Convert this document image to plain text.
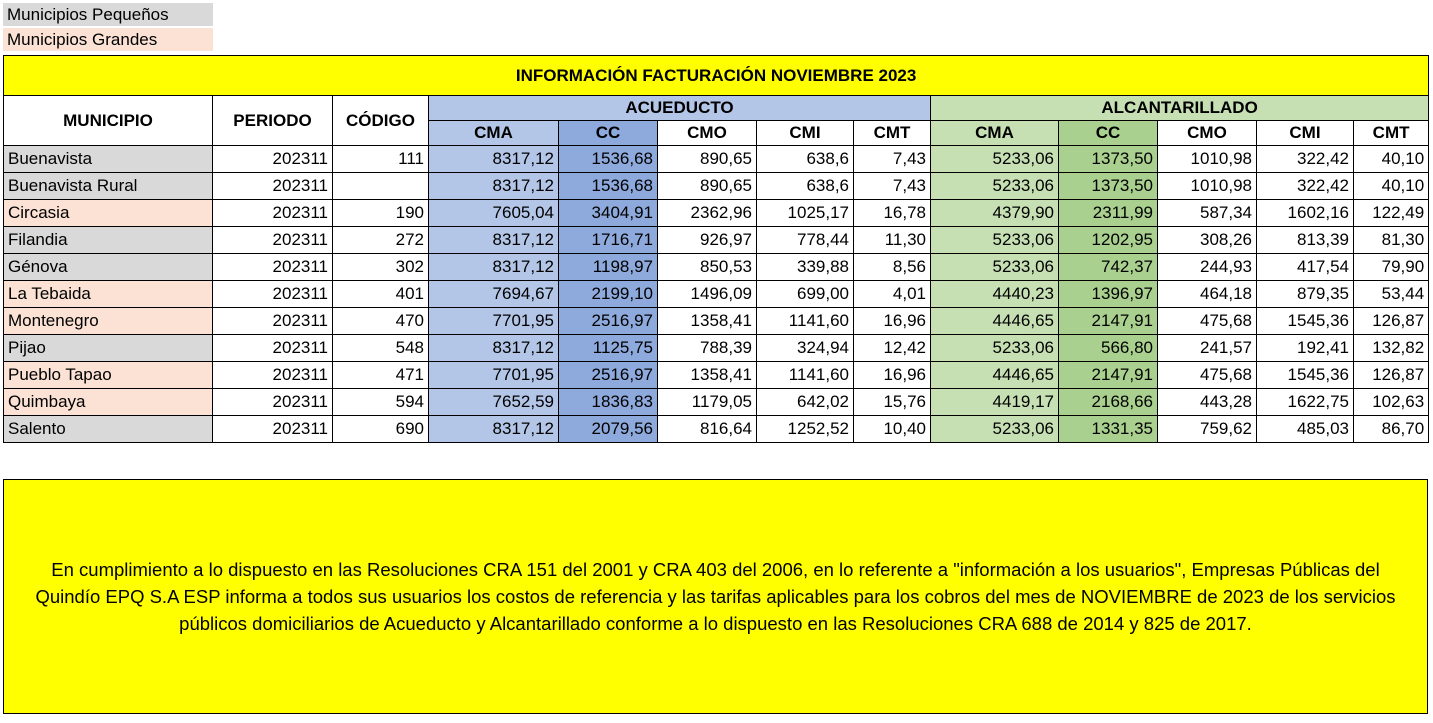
Municipios Pequeños
Municipios Grandes
INFORMACIÓN FACTURACIÓN NOVIEMBRE 2023												
MUNICIPIO	PERIODO	CÓDIGO	ACUEDUCTO					ALCANTARILLADO				
			CMA	CC	CMO	CMI	CMT	CMA	CC	CMO	CMI	CMT
Buenavista	202311	111	8317,12	1536,68	890,65	638,6	7,43	5233,06	1373,50	1010,98	322,42	40,10
Buenavista Rural	202311		8317,12	1536,68	890,65	638,6	7,43	5233,06	1373,50	1010,98	322,42	40,10
Circasia	202311	190	7605,04	3404,91	2362,96	1025,17	16,78	4379,90	2311,99	587,34	1602,16	122,49
Filandia	202311	272	8317,12	1716,71	926,97	778,44	11,30	5233,06	1202,95	308,26	813,39	81,30
Génova	202311	302	8317,12	1198,97	850,53	339,88	8,56	5233,06	742,37	244,93	417,54	79,90
La Tebaida	202311	401	7694,67	2199,10	1496,09	699,00	4,01	4440,23	1396,97	464,18	879,35	53,44
Montenegro	202311	470	7701,95	2516,97	1358,41	1141,60	16,96	4446,65	2147,91	475,68	1545,36	126,87
Pijao	202311	548	8317,12	1125,75	788,39	324,94	12,42	5233,06	566,80	241,57	192,41	132,82
Pueblo Tapao	202311	471	7701,95	2516,97	1358,41	1141,60	16,96	4446,65	2147,91	475,68	1545,36	126,87
Quimbaya	202311	594	7652,59	1836,83	1179,05	642,02	15,76	4419,17	2168,66	443,28	1622,75	102,63
Salento	202311	690	8317,12	2079,56	816,64	1252,52	10,40	5233,06	1331,35	759,62	485,03	86,70

En cumplimiento a lo dispuesto en las Resoluciones CRA 151 del 2001 y CRA 403 del 2006, en lo referente a "información a los usuarios", Empresas Públicas del Quindío EPQ S.A ESP informa a todos sus usuarios los costos de referencia y las tarifas aplicables para los cobros del mes de NOVIEMBRE de 2023 de los servicios públicos domiciliarios de Acueducto y Alcantarillado conforme a lo dispuesto en las Resoluciones CRA 688 de 2014 y 825 de 2017.
